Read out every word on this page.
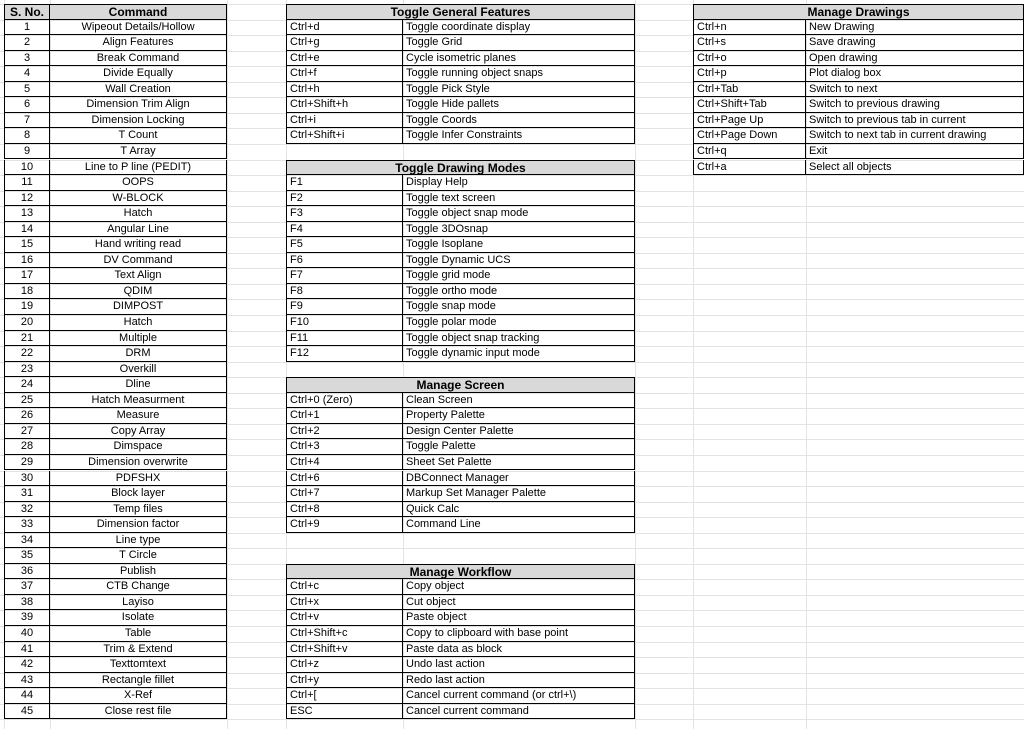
S. No.	Command
1	Wipeout Details/Hollow
2	Align Features
3	Break Command
4	Divide Equally
5	Wall Creation
6	Dimension Trim Align
7	Dimension Locking
8	T Count
9	T Array
10	Line to P line (PEDIT)
11	OOPS
12	W-BLOCK
13	Hatch
14	Angular Line
15	Hand writing read
16	DV Command
17	Text Align
18	QDIM
19	DIMPOST
20	Hatch
21	Multiple
22	DRM
23	Overkill
24	Dline
25	Hatch Measurment
26	Measure
27	Copy Array
28	Dimspace
29	Dimension overwrite
30	PDFSHX
31	Block layer
32	Temp files
33	Dimension factor
34	Line type
35	T Circle
36	Publish
37	CTB Change
38	Layiso
39	Isolate
40	Table
41	Trim & Extend
42	Texttomtext
43	Rectangle fillet
44	X-Ref
45	Close rest file
Toggle General Features
Ctrl+d	Toggle coordinate display
Ctrl+g	Toggle Grid
Ctrl+e	Cycle isometric planes
Ctrl+f	Toggle running object snaps
Ctrl+h	Toggle Pick Style
Ctrl+Shift+h	Toggle Hide pallets
Ctrl+i	Toggle Coords
Ctrl+Shift+i	Toggle Infer Constraints
Toggle Drawing Modes
F1	Display Help
F2	Toggle text screen
F3	Toggle object snap mode
F4	Toggle 3DOsnap
F5	Toggle Isoplane
F6	Toggle Dynamic UCS
F7	Toggle grid mode
F8	Toggle ortho mode
F9	Toggle snap mode
F10	Toggle polar mode
F11	Toggle object snap tracking
F12	Toggle dynamic input mode
Manage Screen
Ctrl+0 (Zero)	Clean Screen
Ctrl+1	Property Palette
Ctrl+2	Design Center Palette
Ctrl+3	Toggle Palette
Ctrl+4	Sheet Set Palette
Ctrl+6	DBConnect Manager
Ctrl+7	Markup Set Manager Palette
Ctrl+8	Quick Calc
Ctrl+9	Command Line
Manage Workflow
Ctrl+c	Copy object
Ctrl+x	Cut object
Ctrl+v	Paste object
Ctrl+Shift+c	Copy to clipboard with base point
Ctrl+Shift+v	Paste data as block
Ctrl+z	Undo last action
Ctrl+y	Redo last action
Ctrl+[	Cancel current command (or ctrl+\)
ESC	Cancel current command
Manage Drawings
Ctrl+n	New Drawing
Ctrl+s	Save drawing
Ctrl+o	Open drawing
Ctrl+p	Plot dialog box
Ctrl+Tab	Switch to next
Ctrl+Shift+Tab	Switch to previous drawing
Ctrl+Page Up	Switch to previous tab in current
Ctrl+Page Down	Switch to next tab in current drawing
Ctrl+q	Exit
Ctrl+a	Select all objects
